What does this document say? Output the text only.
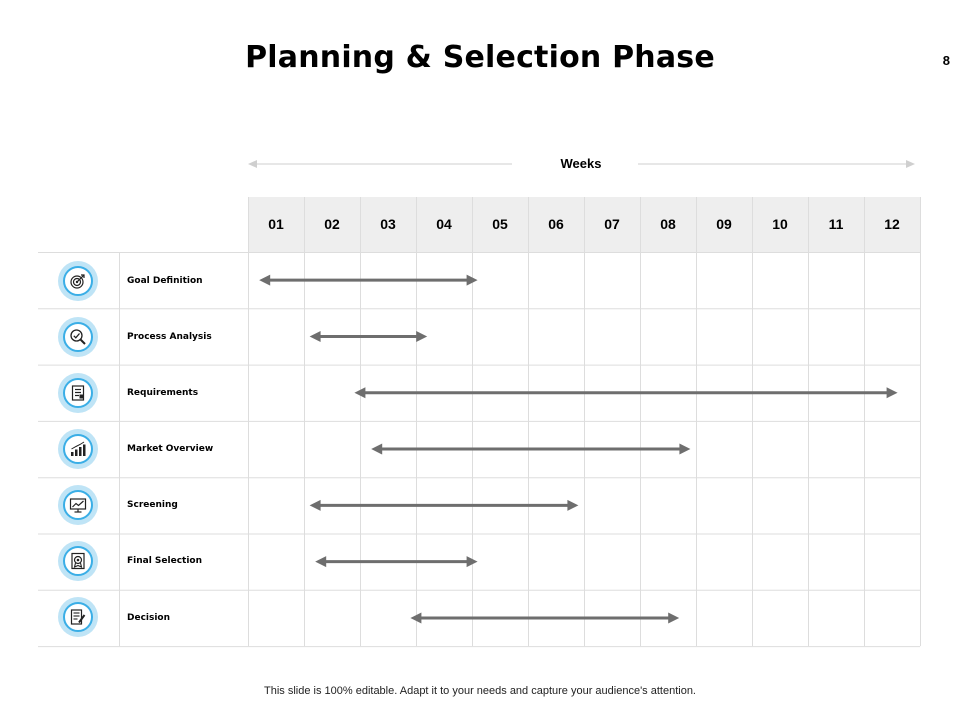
Planning & Selection Phase	8
Weeks
01	02	03	04	05	06	07	08	09	10	11	12
Goal Definition
Process Analysis
Requirements
Market Overview
Screening
Final Selection
Decision
This slide is 100% editable. Adapt it to your needs and capture your audience's attention.
